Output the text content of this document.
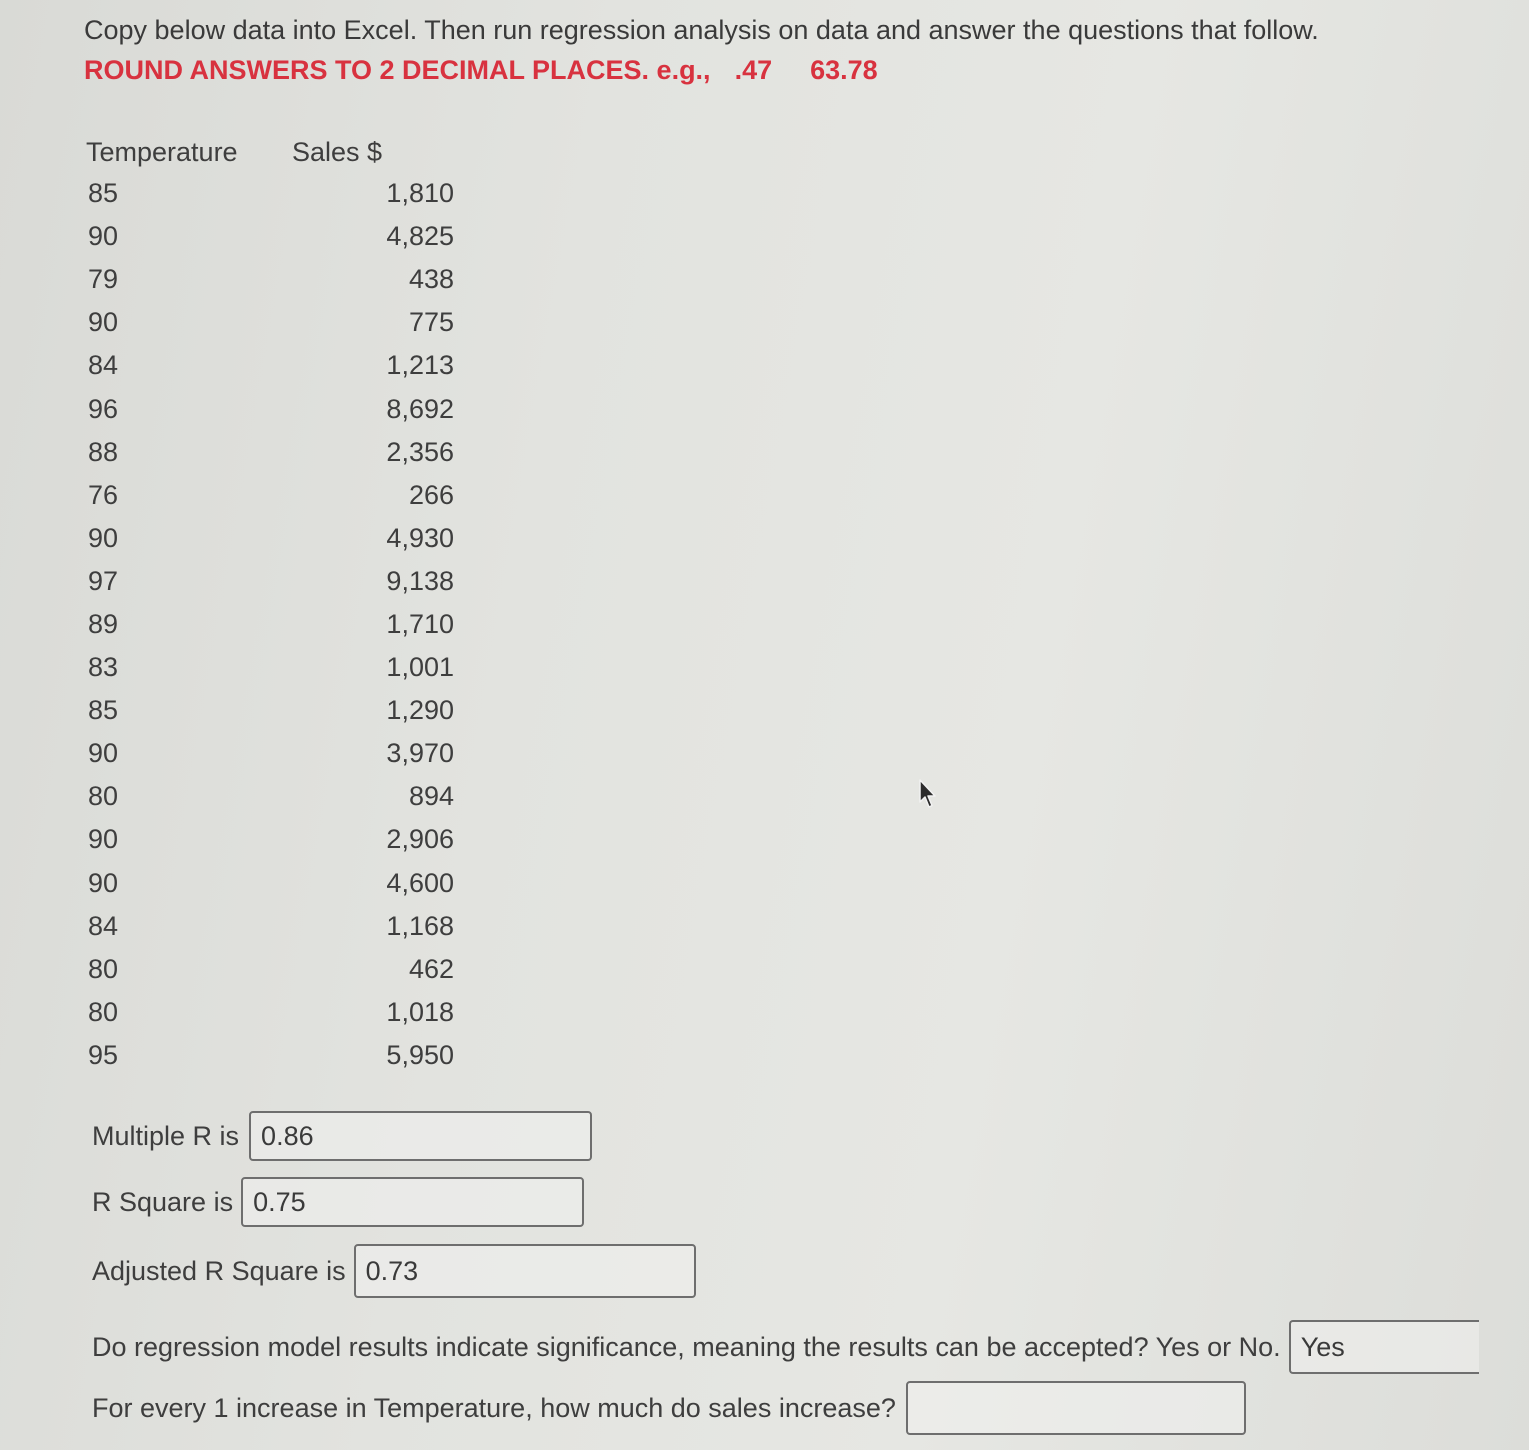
Copy below data into Excel. Then run regression analysis on data and answer the questions that follow.
ROUND ANSWERS TO 2 DECIMAL PLACES. e.g., .47 63.78
Temperature	Sales $
85	1,810
90	4,825
79	438
90	775
84	1,213
96	8,692
88	2,356
76	266
90	4,930
97	9,138
89	1,710
83	1,001
85	1,290
90	3,970
80	894
90	2,906
90	4,600
84	1,168
80	462
80	1,018
95	5,950
Multiple R is 0.86
R Square is 0.75
Adjusted R Square is 0.73
Do regression model results indicate significance, meaning the results can be accepted? Yes or No. Yes
For every 1 increase in Temperature, how much do sales increase?
